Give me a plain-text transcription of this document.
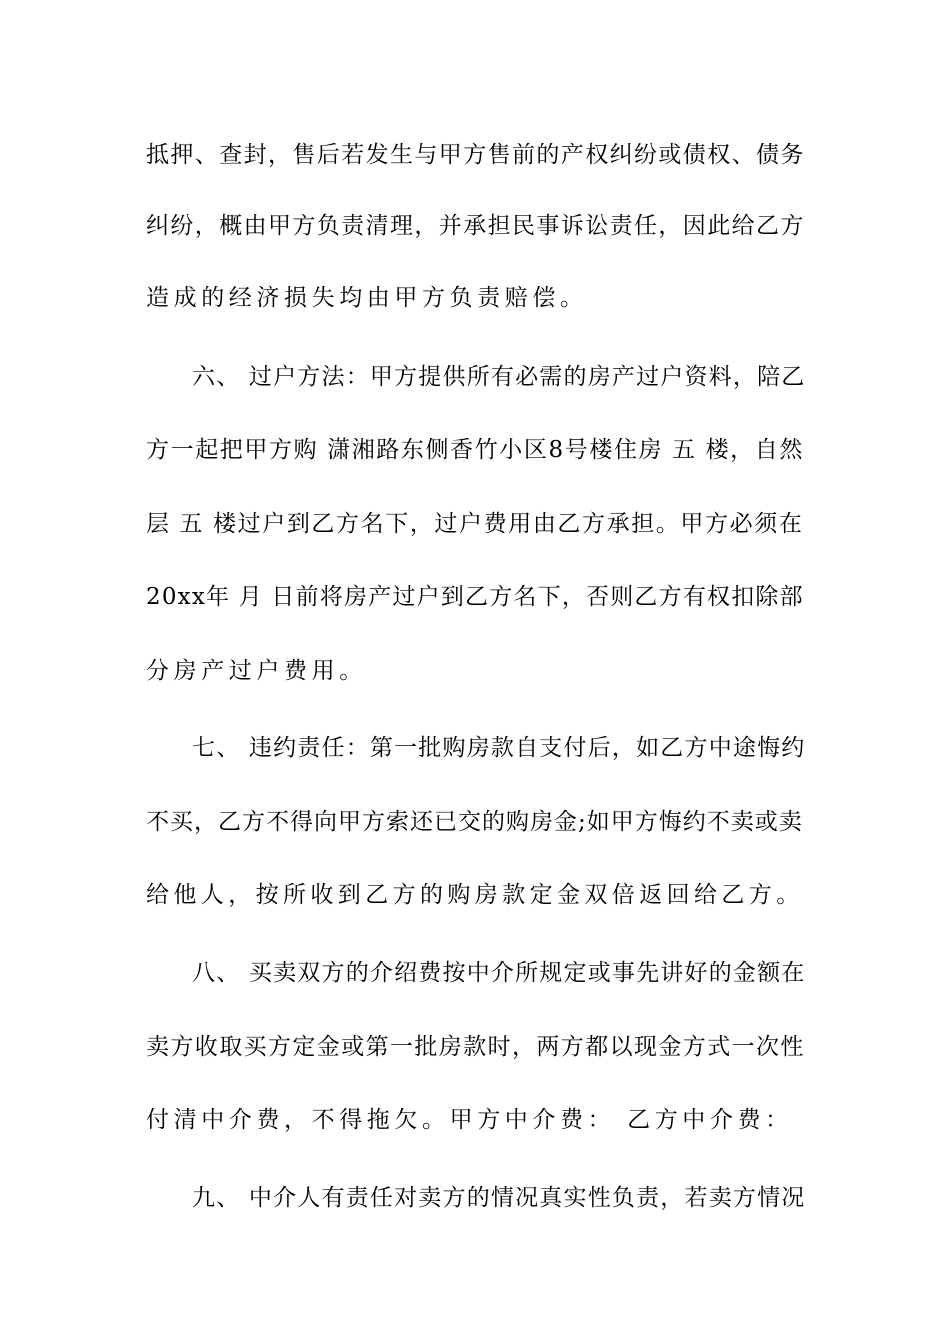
抵押、查封，售后若发生与甲方售前的产权纠纷或债权、债务
纠纷，概由甲方负责清理，并承担民事诉讼责任，因此给乙方
造成的经济损失均由甲方负责赔偿。
六、 过户方法：甲方提供所有必需的房产过户资料，陪乙
方一起把甲方购 潇湘路东侧香竹小区8号楼住房 五 楼，自然
层 五 楼过户到乙方名下，过户费用由乙方承担。甲方必须在
20xx年 月 日前将房产过户到乙方名下，否则乙方有权扣除部
分房产过户费用。
七、 违约责任：第一批购房款自支付后，如乙方中途悔约
不买，乙方不得向甲方索还已交的购房金;如甲方悔约不卖或卖
给他人，按所收到乙方的购房款定金双倍返回给乙方。
八、 买卖双方的介绍费按中介所规定或事先讲好的金额在
卖方收取买方定金或第一批房款时，两方都以现金方式一次性
付清中介费，不得拖欠。甲方中介费： 乙方中介费：
九、 中介人有责任对卖方的情况真实性负责，若卖方情况
